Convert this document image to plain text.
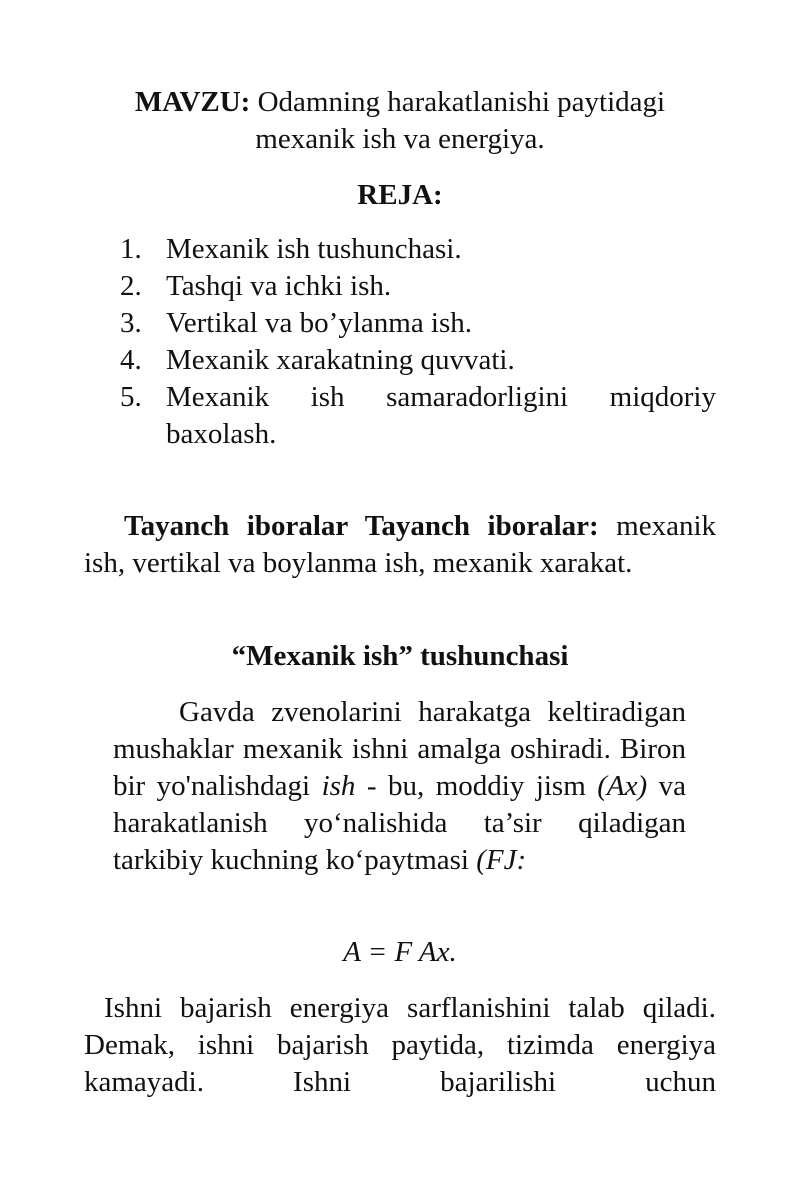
MAVZU: Odamning harakatlanishi paytidagi
mexanik ish va energiya.
REJA:
1. Mexanik ish tushunchasi.
2. Tashqi va ichki ish.
3. Vertikal va bo’ylanma ish.
4. Mexanik xarakatning quvvati.
5. Mexanik ish samaradorligini miqdoriy baxolash.
Tayanch iboralar Tayanch iboralar: mexanik ish, vertikal va boylanma ish, mexanik xarakat.
“Mexanik ish” tushunchasi
Gavda zvenolarini harakatga keltiradigan mushaklar mexanik ishni amalga oshiradi. Biron bir yo'nalishdagi ish - bu, moddiy jism (Ax) va harakatlanish yo‘nalishida ta’sir qiladigan tarkibiy kuchning ko‘paytmasi (FJ:
A = F Ax.
Ishni bajarish energiya sarflanishini talab qiladi. Demak, ishni bajarish paytida, tizimda energiya kamayadi. Ishni bajarilishi uchun
